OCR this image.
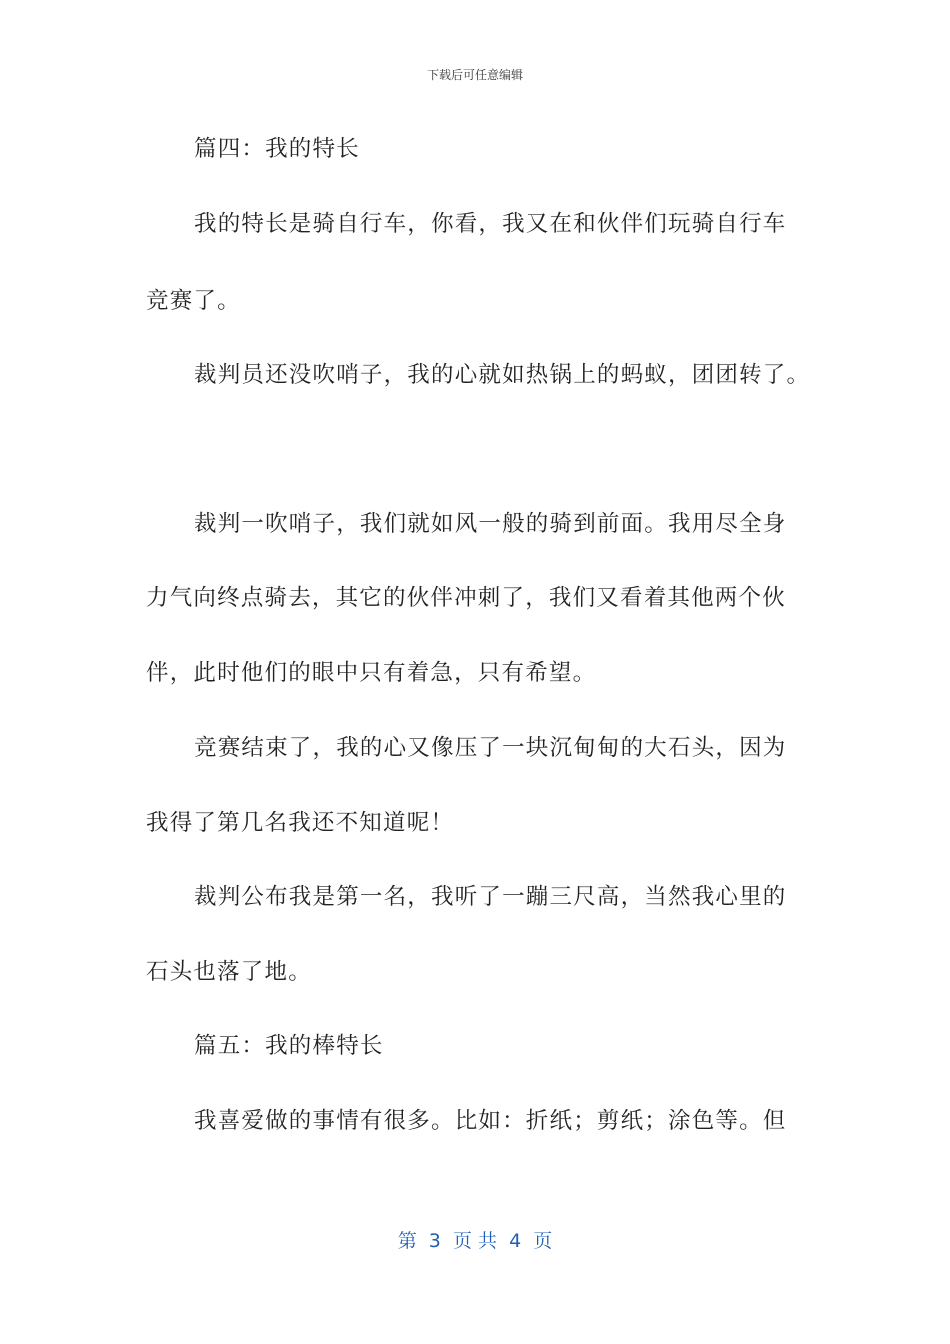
下载后可任意编辑
篇四：我的特长
我的特长是骑自行车，你看，我又在和伙伴们玩骑自行车
竞赛了。
裁判员还没吹哨子，我的心就如热锅上的蚂蚁，团团转了。
裁判一吹哨子，我们就如风一般的骑到前面。我用尽全身
力气向终点骑去，其它的伙伴冲刺了，我们又看着其他两个伙
伴，此时他们的眼中只有着急，只有希望。
竞赛结束了，我的心又像压了一块沉甸甸的大石头，因为
我得了第几名我还不知道呢！
裁判公布我是第一名，我听了一蹦三尺高，当然我心里的
石头也落了地。
篇五：我的棒特长
我喜爱做的事情有很多。比如：折纸；剪纸；涂色等。但
第  3  页 共  4  页
